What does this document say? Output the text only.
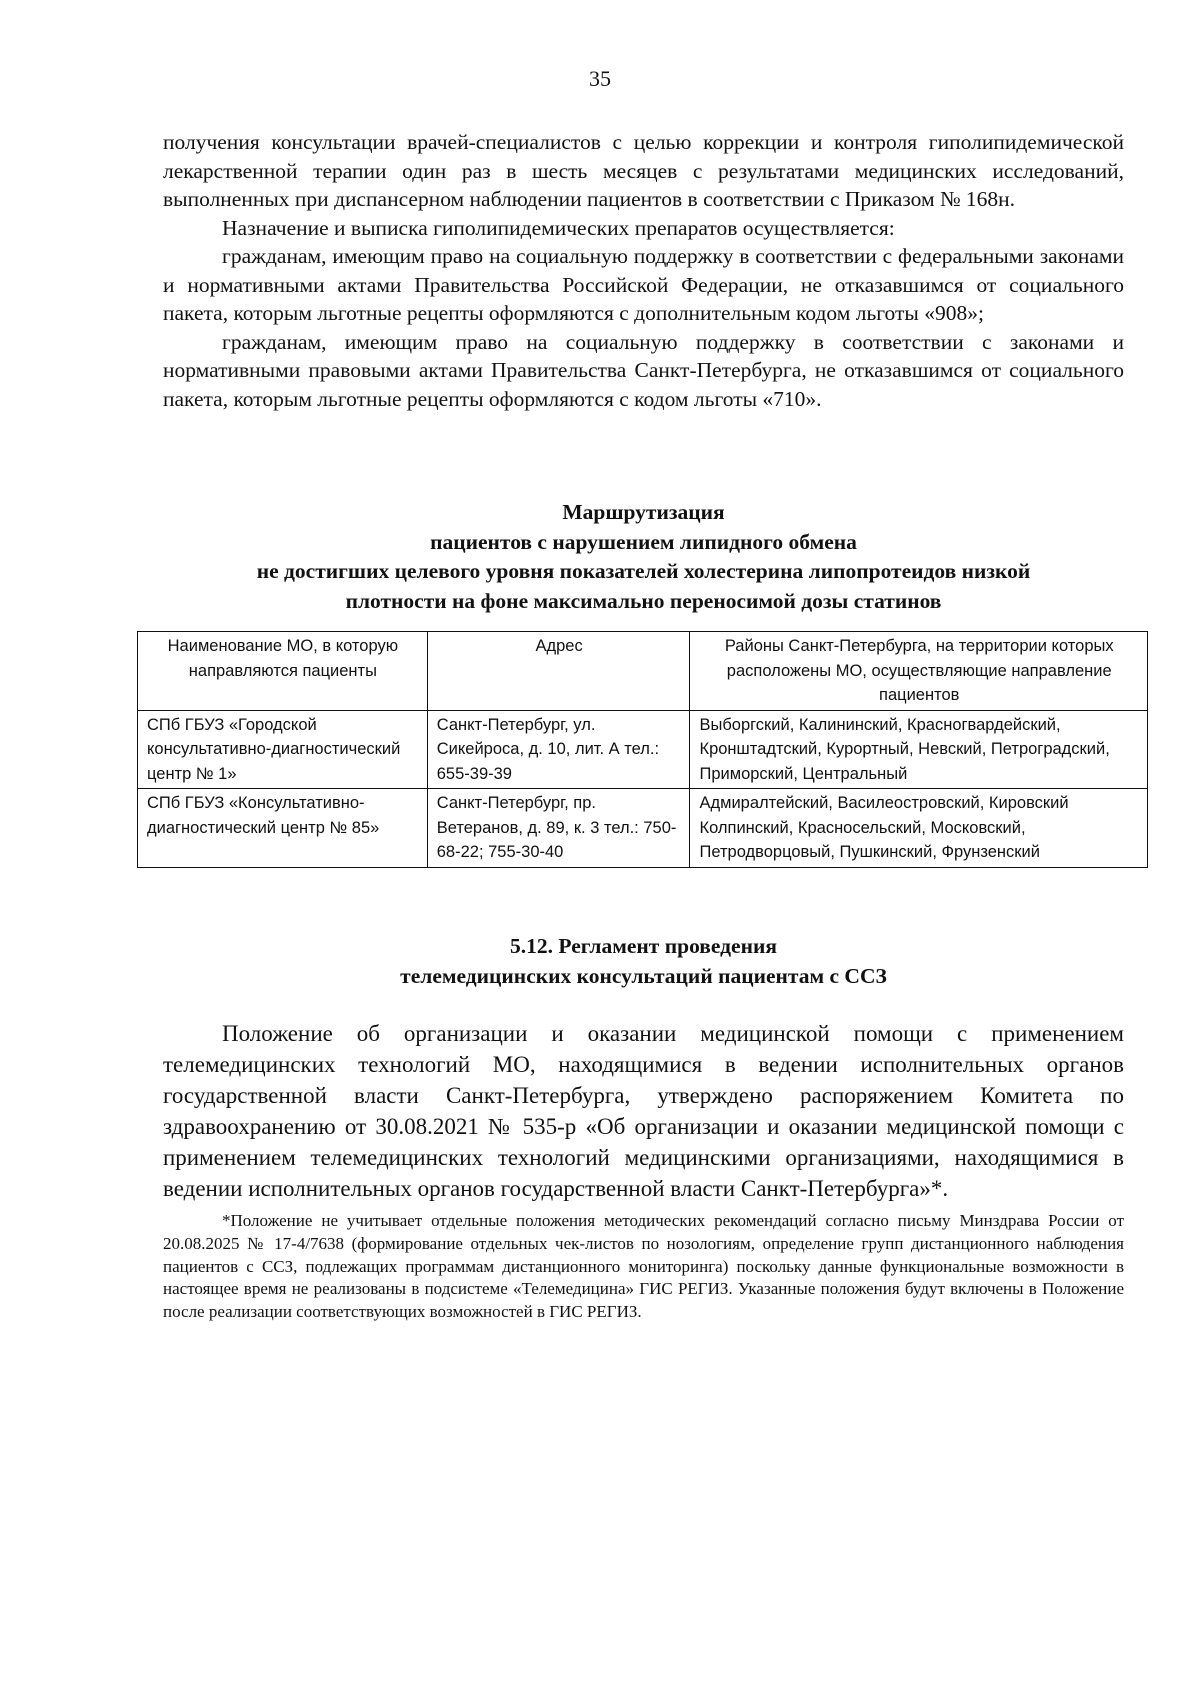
35

получения консультации врачей-специалистов с целью коррекции и контроля гиполипидемической лекарственной терапии один раз в шесть месяцев с результатами медицинских исследований, выполненных при диспансерном наблюдении пациентов в соответствии с Приказом № 168н.

Назначение и выписка гиполипидемических препаратов осуществляется:

гражданам, имеющим право на социальную поддержку в соответствии с федеральными законами и нормативными актами Правительства Российской Федерации, не отказавшимся от социального пакета, которым льготные рецепты оформляются с дополнительным кодом льготы «908»;

гражданам, имеющим право на социальную поддержку в соответствии с законами и нормативными правовыми актами Правительства Санкт-Петербурга, не отказавшимся от социального пакета, которым льготные рецепты оформляются с кодом льготы «710».

Маршрутизация
пациентов с нарушением липидного обмена
не достигших целевого уровня показателей холестерина липопротеидов низкой
плотности на фоне максимально переносимой дозы статинов
Наименование МО, в которую направляются пациенты	Адрес	Районы Санкт-Петербурга, на территории которых расположены МО, осуществляющие направление пациентов
СПб ГБУЗ «Городской консультативно-диагностический центр № 1»	Санкт-Петербург, ул. Сикейроса, д. 10, лит. А тел.: 655-39-39	Выборгский, Калининский, Красногвардейский, Кронштадтский, Курортный, Невский, Петроградский, Приморский, Центральный
СПб ГБУЗ «Консультативно-диагностический центр № 85»	Санкт-Петербург, пр. Ветеранов, д. 89, к. 3 тел.: 750-68-22; 755-30-40	Адмиралтейский, Василеостровский, Кировский Колпинский, Красносельский, Московский, Петродворцовый, Пушкинский, Фрунзенский
5.12. Регламент проведения
телемедицинских консультаций пациентам с ССЗ

Положение об организации и оказании медицинской помощи с применением телемедицинских технологий МО, находящимися в ведении исполнительных органов государственной власти Санкт-Петербурга, утверждено распоряжением Комитета по здравоохранению от 30.08.2021 № 535-р «Об организации и оказании медицинской помощи с применением телемедицинских технологий медицинскими организациями, находящимися в ведении исполнительных органов государственной власти Санкт-Петербурга»*.

*Положение не учитывает отдельные положения методических рекомендаций согласно письму Минздрава России от 20.08.2025 № 17-4/7638 (формирование отдельных чек-листов по нозологиям, определение групп дистанционного наблюдения пациентов с ССЗ, подлежащих программам дистанционного мониторинга) поскольку данные функциональные возможности в настоящее время не реализованы в подсистеме «Телемедицина» ГИС РЕГИЗ. Указанные положения будут включены в Положение после реализации соответствующих возможностей в ГИС РЕГИЗ.
